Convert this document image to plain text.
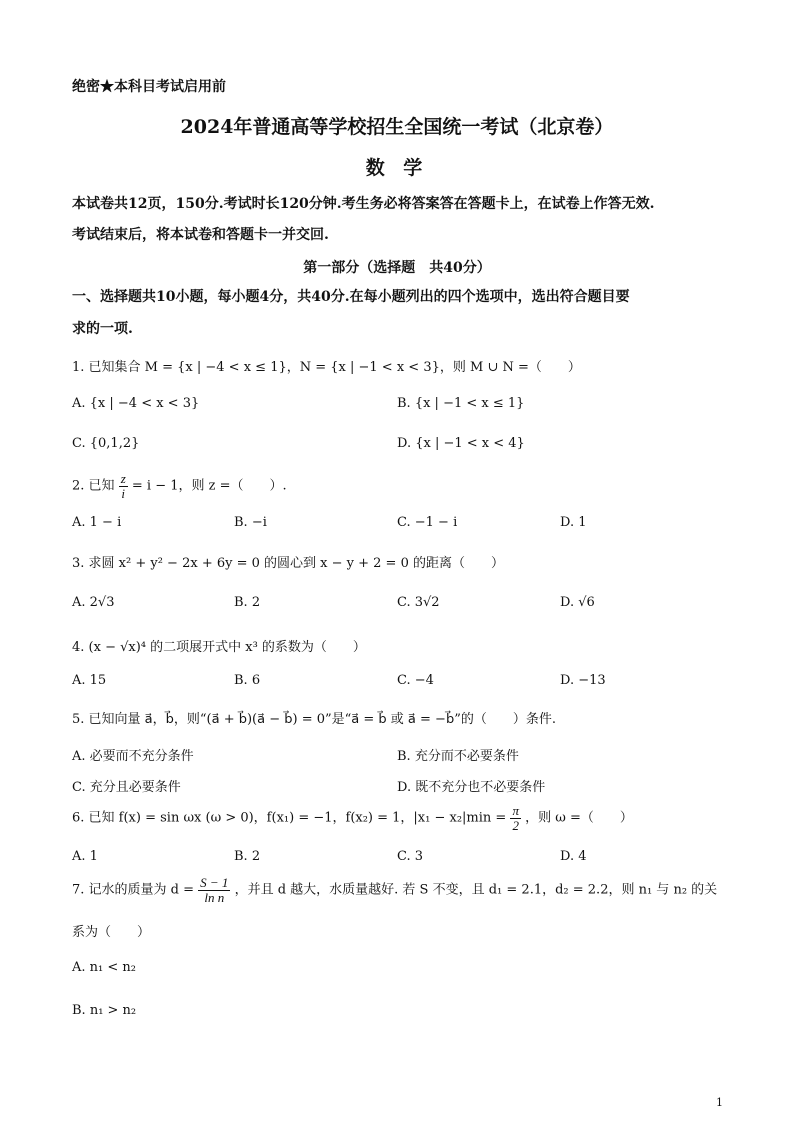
绝密★本科目考试启用前
2024年普通高等学校招生全国统一考试（北京卷）
数 学
本试卷共12页，150分.考试时长120分钟.考生务必将答案答在答题卡上，在试卷上作答无效.
考试结束后，将本试卷和答题卡一并交回.
第一部分（选择题　共40分）
一、选择题共10小题，每小题4分，共40分.在每小题列出的四个选项中，选出符合题目要
求的一项.
1. 已知集合 M = {x | −4 < x ≤ 1}，N = {x | −1 < x < 3}，则 M ∪ N =（　　）
A. {x | −4 < x < 3}	B. {x | −1 < x ≤ 1}
C. {0,1,2}	D. {x | −1 < x < 4}
2. 已知 $\frac{z}{i} = i - 1$，则 z =（　　）.
A. 1 − i	B. −i	C. −1 − i	D. 1
3. 求圆 x² + y² − 2x + 6y = 0 的圆心到 x − y + 2 = 0 的距离（　　）
A. 2√3	B. 2	C. 3√2	D. √6
4. (x − √x)⁴ 的二项展开式中 x³ 的系数为（　　）
A. 15	B. 6	C. −4	D. −13
5. 已知向量 a⃗，b⃗，则“(a⃗ + b⃗)(a⃗ − b⃗) = 0”是“a⃗ = b⃗ 或 a⃗ = −b⃗”的（　　）条件.
A. 必要而不充分条件	B. 充分而不必要条件
C. 充分且必要条件	D. 既不充分也不必要条件
6. 已知 f(x) = sin ωx (ω > 0)，f(x₁) = −1，f(x₂) = 1，$|x_1 - x_2|\min = \frac{\pi}{2}$ ，则 ω =（　　）
A. 1	B. 2	C. 3	D. 4
7. 记水的质量为 $d = \frac{S - 1}{\text{ln n}}$ ，并且 d 越大，水质量越好. 若 S 不变，且 d₁ = 2.1，d₂ = 2.2，则 n₁ 与 n₂ 的关
系为（　　）
A. n₁ < n₂
B. n₁ > n₂
1
